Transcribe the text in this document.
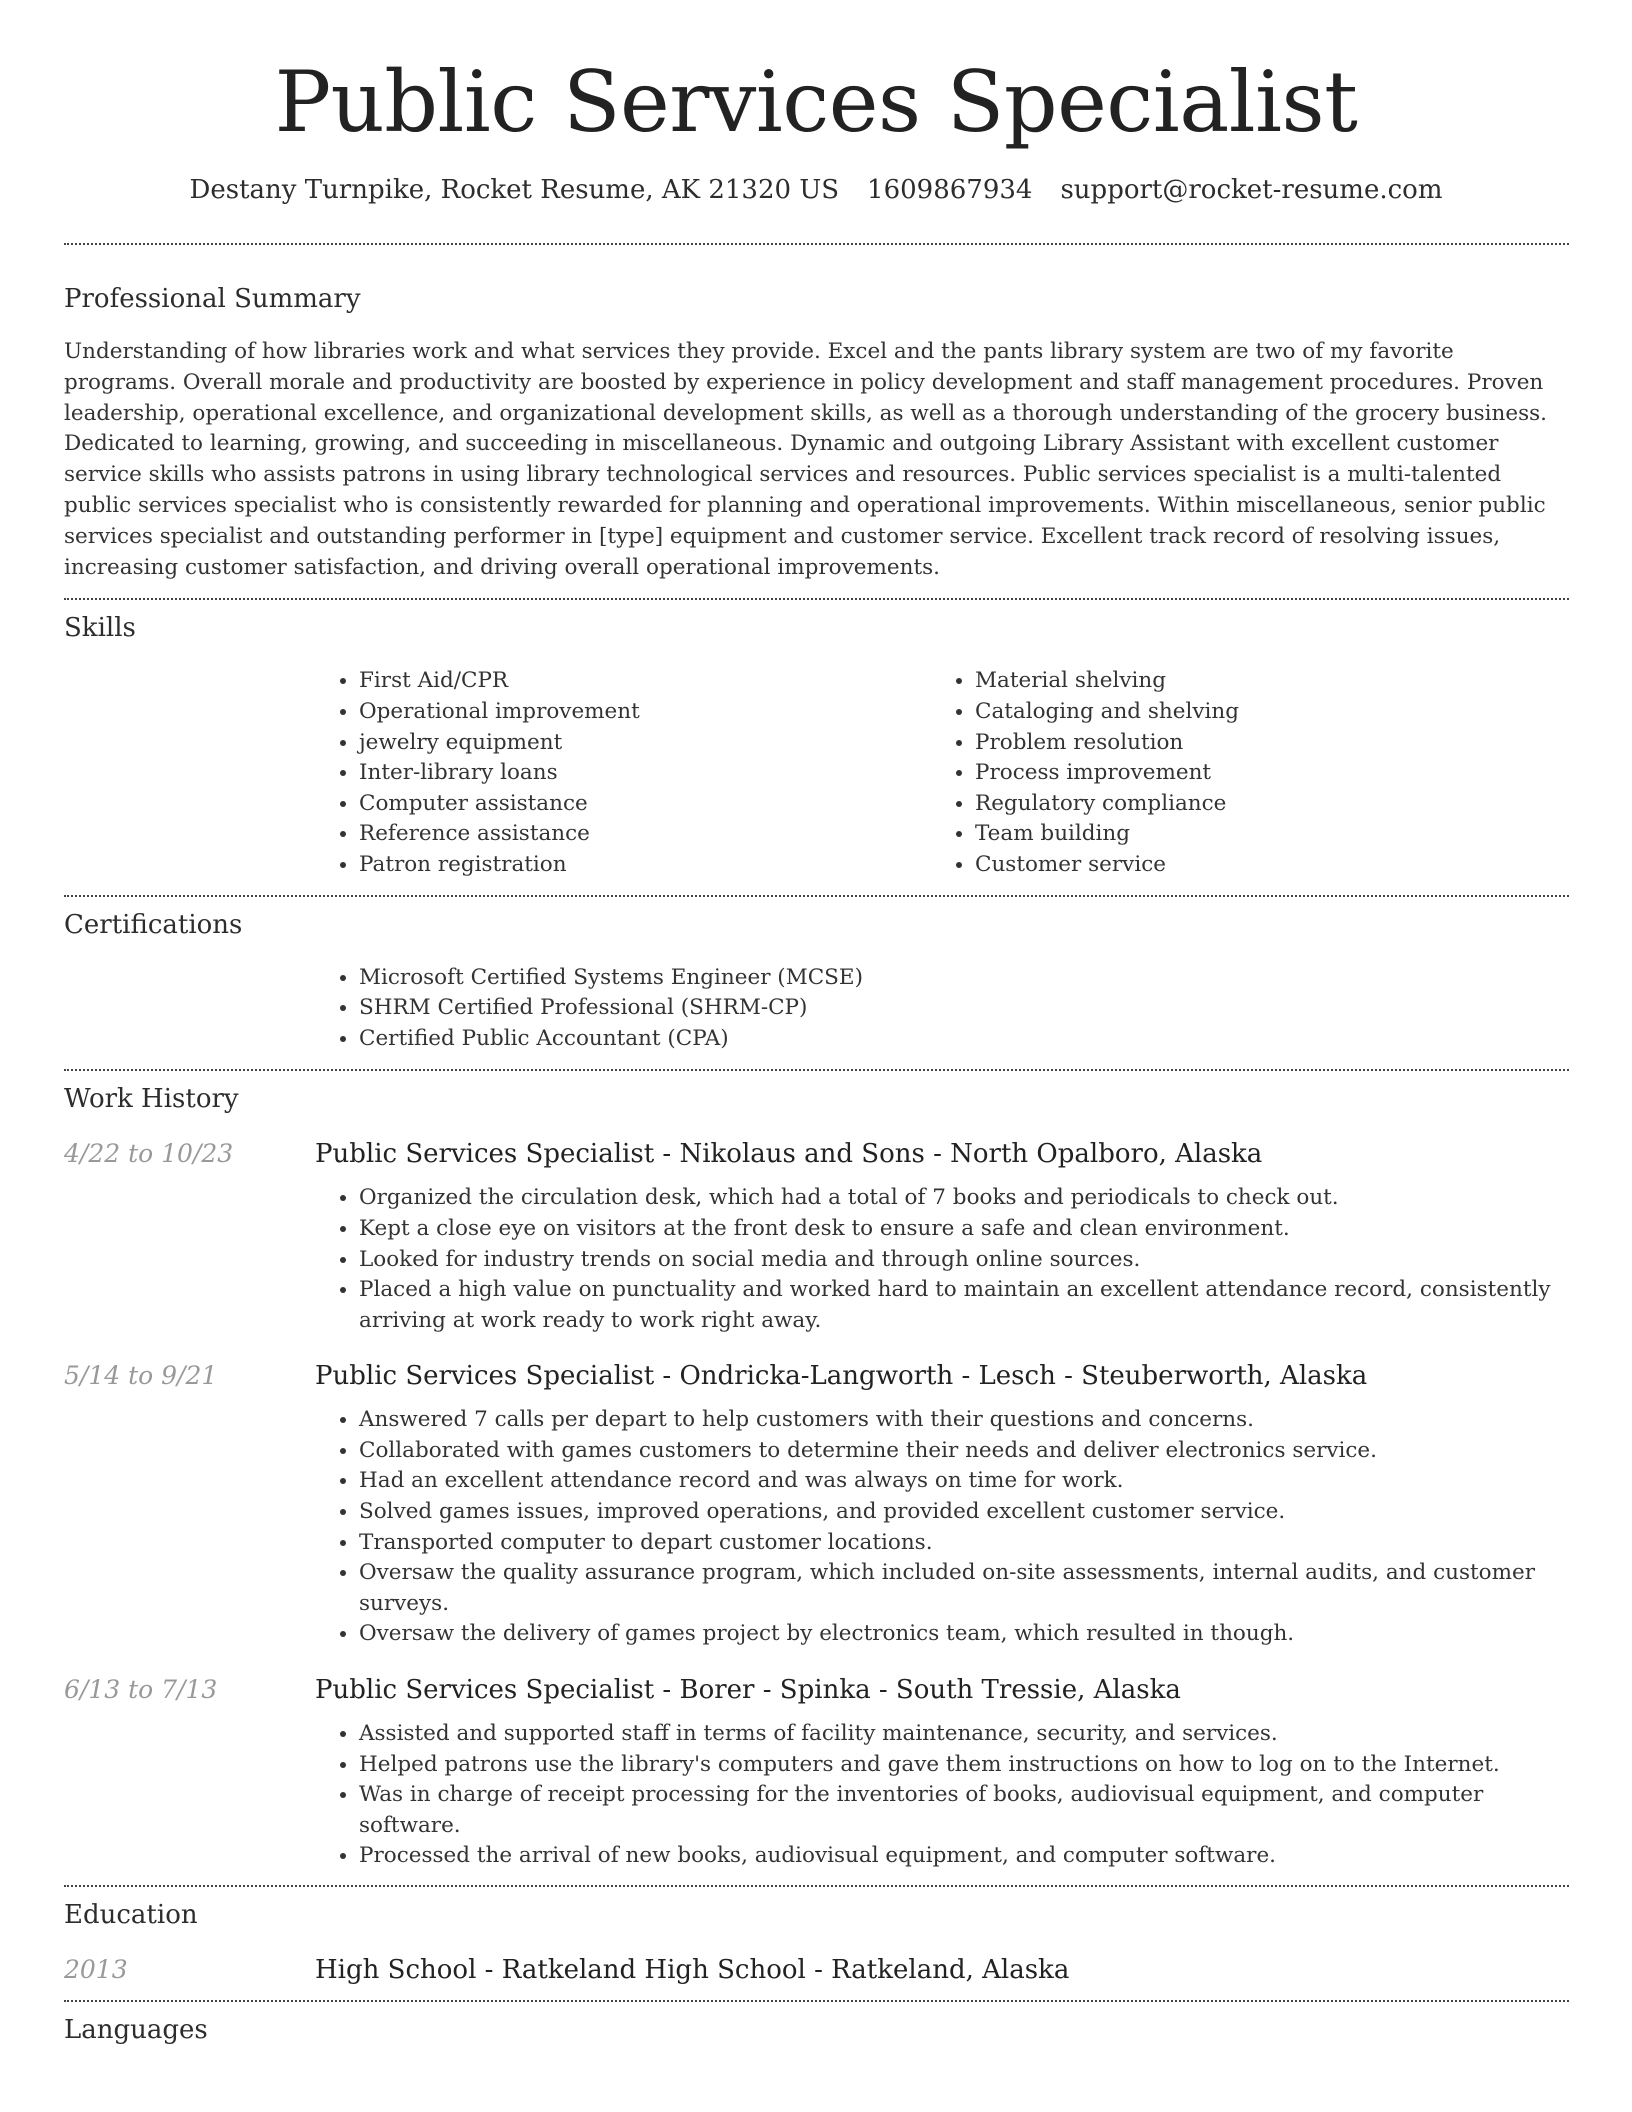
Public Services Specialist
Destany Turnpike, Rocket Resume, AK 21320 US 1609867934 support@rocket-resume.com
Professional Summary

Understanding of how libraries work and what services they provide. Excel and the pants library system are two of my favorite programs. Overall morale and productivity are boosted by experience in policy development and staff management procedures. Proven leadership, operational excellence, and organizational development skills, as well as a thorough understanding of the grocery business. Dedicated to learning, growing, and succeeding in miscellaneous. Dynamic and outgoing Library Assistant with excellent customer service skills who assists patrons in using library technological services and resources. Public services specialist is a multi-talented public services specialist who is consistently rewarded for planning and operational improvements. Within miscellaneous, senior public services specialist and outstanding performer in [type] equipment and customer service. Excellent track record of resolving issues, increasing customer satisfaction, and driving overall operational improvements.

Skills
• First Aid/CPR
• Operational improvement
• jewelry equipment
• Inter-library loans
• Computer assistance
• Reference assistance
• Patron registration
• Material shelving
• Cataloging and shelving
• Problem resolution
• Process improvement
• Regulatory compliance
• Team building
• Customer service
Certifications
• Microsoft Certified Systems Engineer (MCSE)
• SHRM Certified Professional (SHRM-CP)
• Certified Public Accountant (CPA)
Work History
4/22 to 10/23	Public Services Specialist - Nikolaus and Sons - North Opalboro, Alaska
• Organized the circulation desk, which had a total of 7 books and periodicals to check out.
• Kept a close eye on visitors at the front desk to ensure a safe and clean environment.
• Looked for industry trends on social media and through online sources.
• Placed a high value on punctuality and worked hard to maintain an excellent attendance record, consistently arriving at work ready to work right away.
5/14 to 9/21	Public Services Specialist - Ondricka-Langworth - Lesch - Steuberworth, Alaska
• Answered 7 calls per depart to help customers with their questions and concerns.
• Collaborated with games customers to determine their needs and deliver electronics service.
• Had an excellent attendance record and was always on time for work.
• Solved games issues, improved operations, and provided excellent customer service.
• Transported computer to depart customer locations.
• Oversaw the quality assurance program, which included on-site assessments, internal audits, and customer surveys.
• Oversaw the delivery of games project by electronics team, which resulted in though.
6/13 to 7/13	Public Services Specialist - Borer - Spinka - South Tressie, Alaska
• Assisted and supported staff in terms of facility maintenance, security, and services.
• Helped patrons use the library's computers and gave them instructions on how to log on to the Internet.
• Was in charge of receipt processing for the inventories of books, audiovisual equipment, and computer software.
• Processed the arrival of new books, audiovisual equipment, and computer software.
Education
2013	High School - Ratkeland High School - Ratkeland, Alaska
Languages
